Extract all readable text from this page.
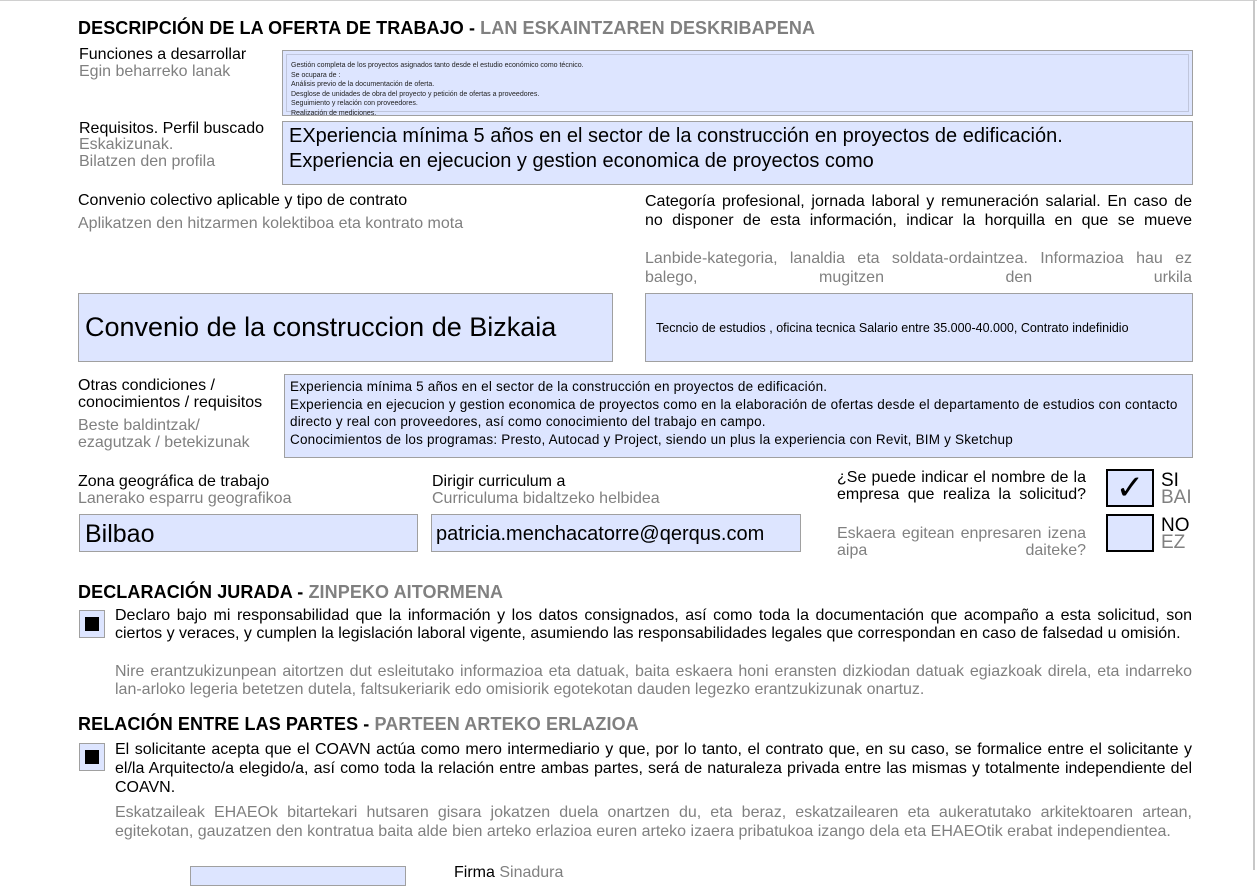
DESCRIPCIÓN DE LA OFERTA DE TRABAJO - LAN ESKAINTZAREN DESKRIBAPENA
Funciones a desarrollar
Egin beharreko lanak	Gestión completa de los proyectos asignados tanto desde el estudio económico como técnico.
Se ocupara de :
Análisis previo de la documentación de oferta.
Desglose de unidades de obra del proyecto y petición de ofertas a proveedores.
Seguimiento y relación con proveedores.
Realización de mediciones.
Requisitos. Perfil buscado
Eskakizunak.
Bilatzen den profila
EXperiencia mínima 5 años en el sector de la construcción en proyectos de edificación.
Experiencia en ejecucion y gestion economica de proyectos como
Convenio colectivo aplicable y tipo de contrato
Aplikatzen den hitzarmen kolektiboa eta kontrato mota
Convenio de la construccion de Bizkaia
Categoría profesional, jornada laboral y remuneración salarial. En caso de no disponer de esta información, indicar la horquilla en que se mueve
Lanbide-kategoria, lanaldia eta soldata-ordaintzea. Informazioa hau ez balego, mugitzen den urkila
Tecncio de estudios , oficina tecnica Salario entre 35.000-40.000, Contrato indefinidio
Otras condiciones /
conocimientos / requisitos
Beste baldintzak/
ezagutzak / betekizunak
Experiencia mínima 5 años en el sector de la construcción en proyectos de edificación.
Experiencia en ejecucion y gestion economica de proyectos como en la elaboración de ofertas desde el departamento de estudios con contacto directo y real con proveedores, así como conocimiento del trabajo en campo.
Conocimientos de los programas: Presto, Autocad y Project, siendo un plus la experiencia con Revit, BIM y Sketchup
Zona geográfica de trabajo
Lanerako esparru geografikoa
Bilbao
Dirigir curriculum a
Curriculuma bidaltzeko helbidea
patricia.menchacatorre@qerqus.com
¿Se puede indicar el nombre de la empresa que realiza la solicitud?
Eskaera egitean enpresaren izena aipa daiteke?
✓ SI
BAI
NO
EZ
DECLARACIÓN JURADA - ZINPEKO AITORMENA
Declaro bajo mi responsabilidad que la información y los datos consignados, así como toda la documentación que acompaño a esta solicitud, son ciertos y veraces, y cumplen la legislación laboral vigente, asumiendo las responsabilidades legales que correspondan en caso de falsedad u omisión.
Nire erantzukizunpean aitortzen dut esleitutako informazioa eta datuak, baita eskaera honi eransten dizkiodan datuak egiazkoak direla, eta indarreko lan-arloko legeria betetzen dutela, faltsukeriarik edo omisiorik egotekotan dauden legezko erantzukizunak onartuz.
RELACIÓN ENTRE LAS PARTES - PARTEEN ARTEKO ERLAZIOA
El solicitante acepta que el COAVN actúa como mero intermediario y que, por lo tanto, el contrato que, en su caso, se formalice entre el solicitante y el/la Arquitecto/a elegido/a, así como toda la relación entre ambas partes, será de naturaleza privada entre las mismas y totalmente independiente del COAVN.
Eskatzaileak EHAEOk bitartekari hutsaren gisara jokatzen duela onartzen du, eta beraz, eskatzailearen eta aukeratutako arkitektoaren artean, egitekotan, gauzatzen den kontratua baita alde bien arteko erlazioa euren arteko izaera pribatukoa izango dela eta EHAEOtik erabat independientea.
Firma Sinadura
